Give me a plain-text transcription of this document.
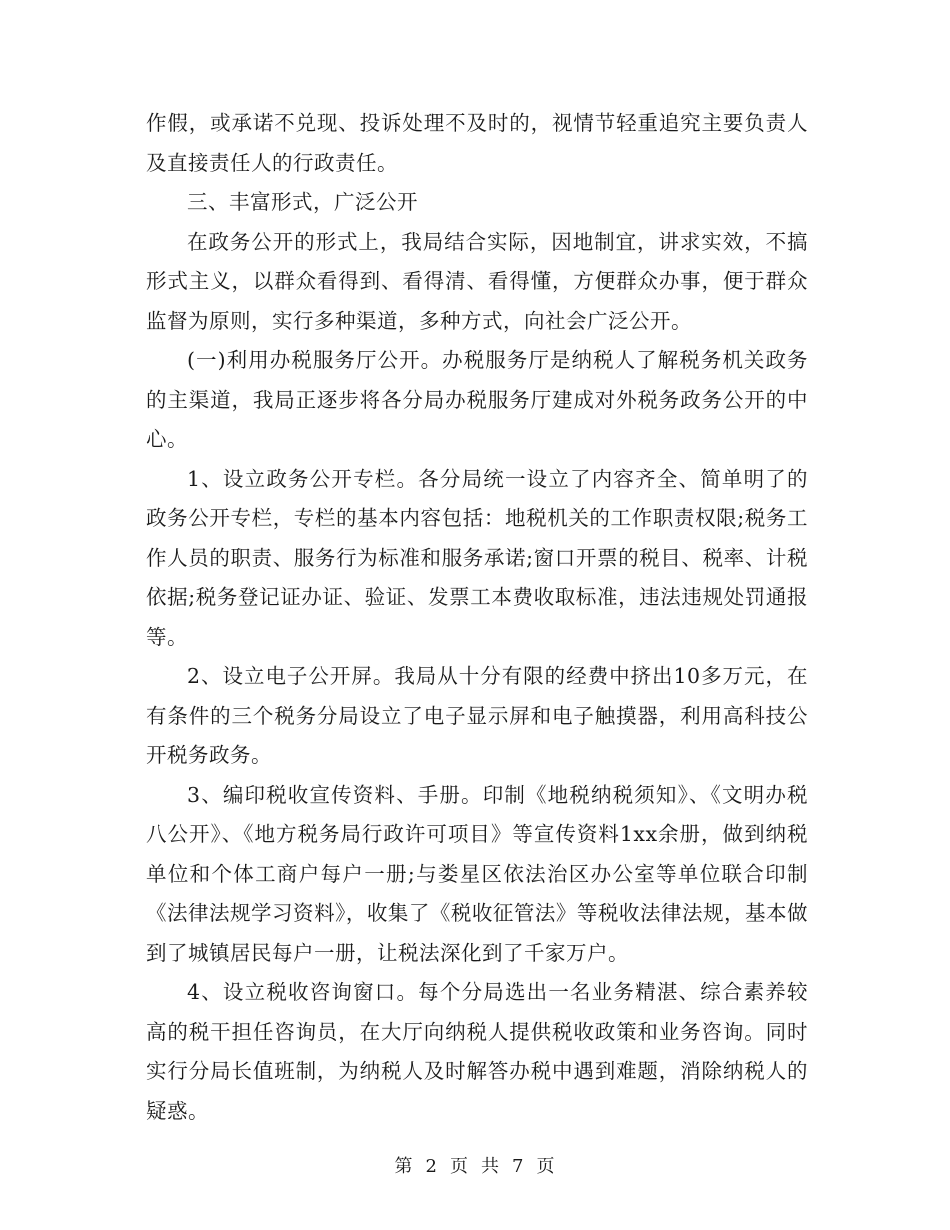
作假，或承诺不兑现、投诉处理不及时的，视情节轻重追究主要负责人及直接责任人的行政责任。

三、丰富形式，广泛公开

在政务公开的形式上，我局结合实际，因地制宜，讲求实效，不搞形式主义，以群众看得到、看得清、看得懂，方便群众办事，便于群众监督为原则，实行多种渠道，多种方式，向社会广泛公开。

(一)利用办税服务厅公开。办税服务厅是纳税人了解税务机关政务的主渠道，我局正逐步将各分局办税服务厅建成对外税务政务公开的中心。

1、设立政务公开专栏。各分局统一设立了内容齐全、简单明了的政务公开专栏，专栏的基本内容包括：地税机关的工作职责权限;税务工作人员的职责、服务行为标准和服务承诺;窗口开票的税目、税率、计税依据;税务登记证办证、验证、发票工本费收取标准，违法违规处罚通报等。

2、设立电子公开屏。我局从十分有限的经费中挤出10多万元，在有条件的三个税务分局设立了电子显示屏和电子触摸器，利用高科技公开税务政务。

3、编印税收宣传资料、手册。印制《地税纳税须知》、《文明办税八公开》、《地方税务局行政许可项目》等宣传资料1xx余册，做到纳税单位和个体工商户每户一册;与娄星区依法治区办公室等单位联合印制《法律法规学习资料》，收集了《税收征管法》等税收法律法规，基本做到了城镇居民每户一册，让税法深化到了千家万户。

4、设立税收咨询窗口。每个分局选出一名业务精湛、综合素养较高的税干担任咨询员，在大厅向纳税人提供税收政策和业务咨询。同时实行分局长值班制，为纳税人及时解答办税中遇到难题，消除纳税人的疑惑。

第 2 页 共 7 页
